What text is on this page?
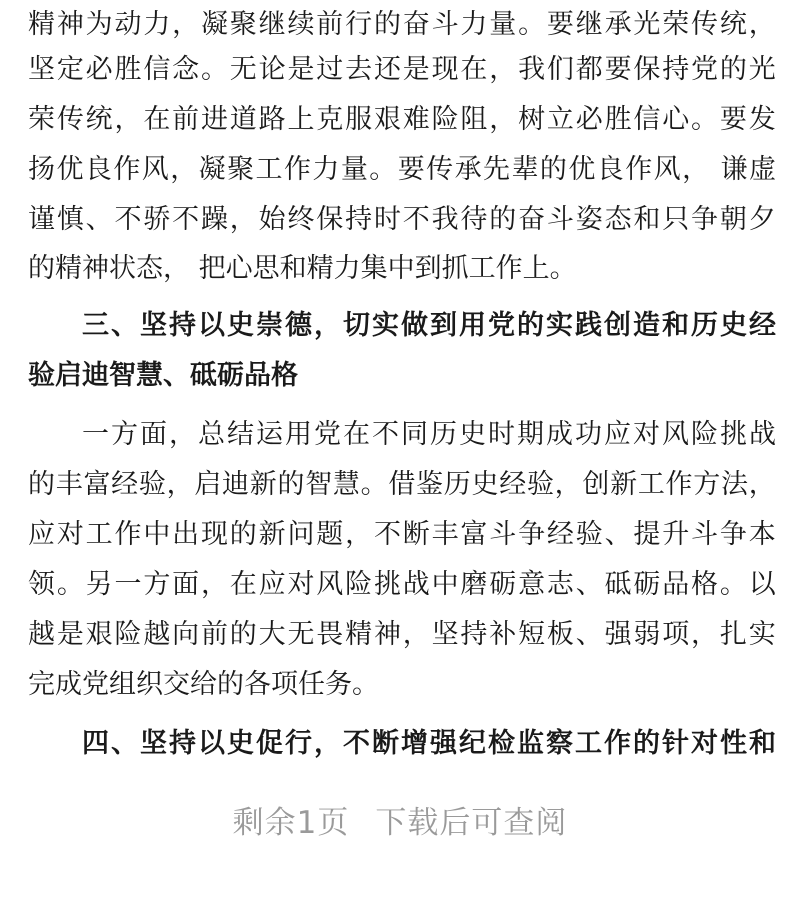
精 神 为 动 力 ， 凝 聚 继 续 前 行 的 奋 斗 力 量 。 要 继 承 光 荣 传 统 ，
坚 定 必 胜 信 念 。 无 论 是 过 去 还 是 现 在 ， 我 们 都 要 保 持 党 的 光
荣 传 统 ， 在 前 进 道 路 上 克 服 艰 难 险 阻 ， 树 立 必 胜 信 心 。 要 发
扬 优 良 作 风 ， 凝 聚 工 作 力 量 。 要 传 承 先 辈 的 优 良 作 风 ，
谦 虚
谨 慎 、 不 骄 不 躁 ， 始 终 保 持 时 不 我 待 的 奋 斗 姿 态 和 只 争 朝 夕
的精神状态， 把心思和精力集中到抓工作上。
三 、 坚 持 以 史 崇 德 ， 切 实 做 到 用 党 的 实 践 创 造 和 历 史 经
验启迪智慧、砥砺品格
一 方 面 ， 总 结 运 用 党 在 不 同 历 史 时 期 成 功 应 对 风 险 挑 战
的 丰 富 经 验 ， 启 迪 新 的 智 慧 。 借 鉴 历 史 经 验 ， 创 新 工 作 方 法 ，
应 对 工 作 中 出 现 的 新 问 题 ， 不 断 丰 富 斗 争 经 验 、 提 升 斗 争 本
领 。 另 一 方 面 ， 在 应 对 风 险 挑 战 中 磨 砺 意 志 、 砥 砺 品 格 。 以
越 是 艰 险 越 向 前 的 大 无 畏 精 神 ， 坚 持 补 短 板 、 强 弱 项 ， 扎 实
完成党组织交给的各项任务。
四 、 坚 持 以 史 促 行 ， 不 断 增 强 纪 检 监 察 工 作 的 针 对 性 和
剩余1页 下载后可查阅
